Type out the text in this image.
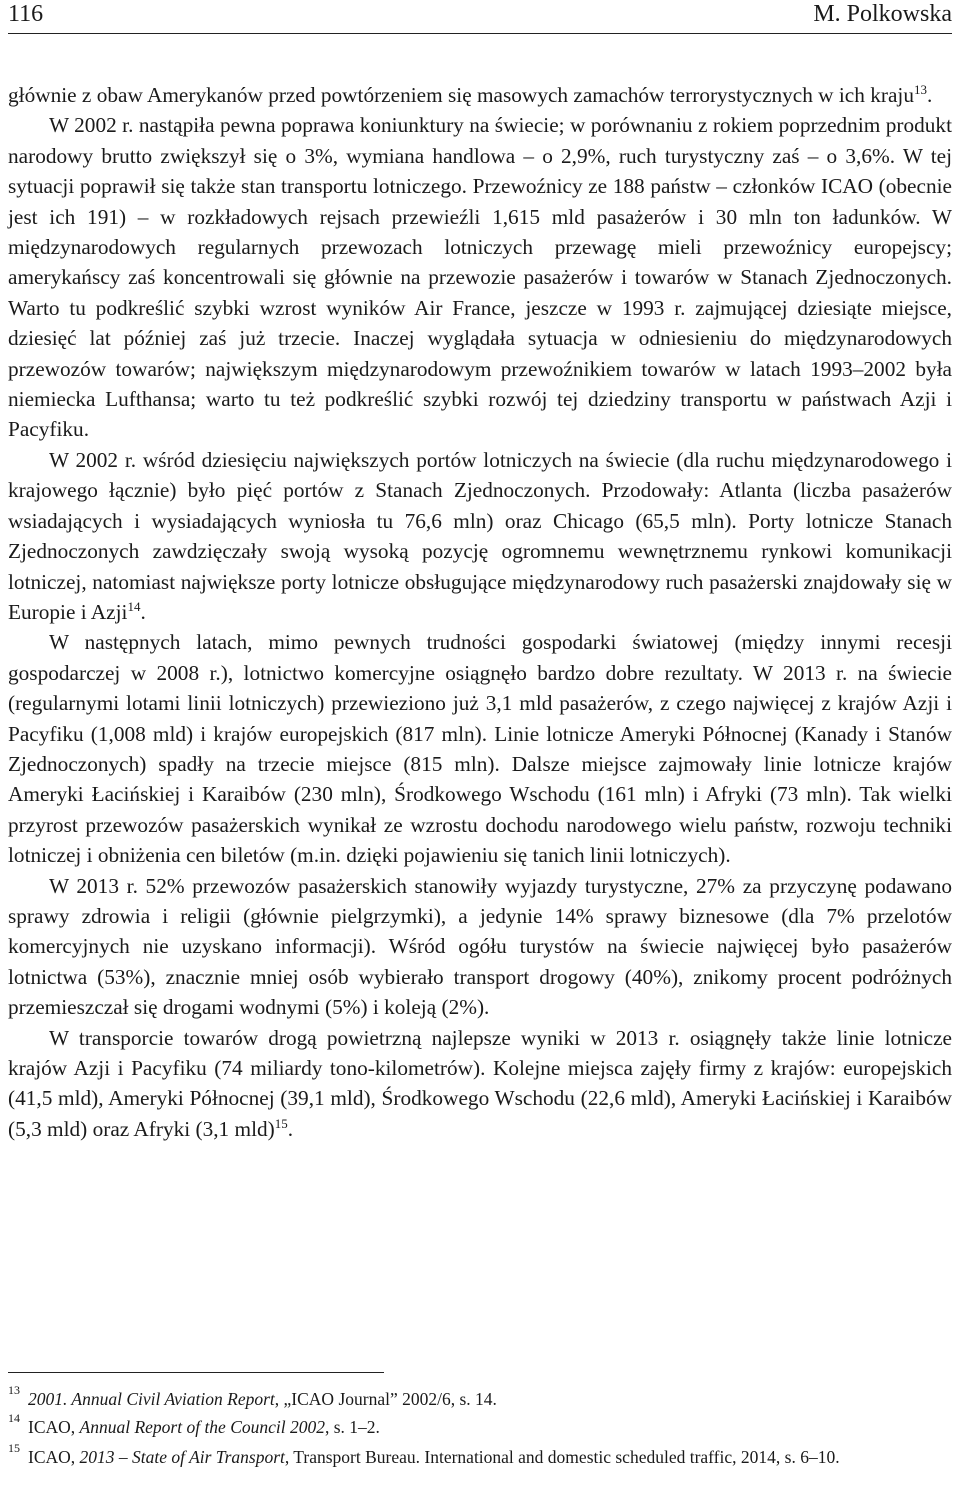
116	M. Polkowska

głównie z obaw Amerykanów przed powtórzeniem się masowych zamachów terrorystycznych w ich kraju$^{13}$.

W 2002 r. nastąpiła pewna poprawa koniunktury na świecie; w porównaniu z rokiem poprzednim produkt narodowy brutto zwiększył się o 3%, wymiana handlowa – o 2,9%, ruch turystyczny zaś – o 3,6%. W tej sytuacji poprawił się także stan transportu lotniczego. Przewoźnicy ze 188 państw – członków ICAO (obecnie jest ich 191) – w rozkładowych rejsach przewieźli 1,615 mld pasażerów i 30 mln ton ładunków. W międzynarodowych regularnych przewozach lotniczych przewagę mieli przewoźnicy europejscy; amerykańscy zaś koncentrowali się głównie na przewozie pasażerów i towarów w Stanach Zjednoczonych. Warto tu podkreślić szybki wzrost wyników Air France, jeszcze w 1993 r. zajmującej dziesiąte miejsce, dziesięć lat później zaś już trzecie. Inaczej wyglądała sytuacja w odniesieniu do międzynarodowych przewozów towarów; największym międzynarodowym przewoźnikiem towarów w latach 1993–2002 była niemiecka Lufthansa; warto tu też podkreślić szybki rozwój tej dziedziny transportu w państwach Azji i Pacyfiku.

W 2002 r. wśród dziesięciu największych portów lotniczych na świecie (dla ruchu międzynarodowego i krajowego łącznie) było pięć portów z Stanach Zjednoczonych. Przodowały: Atlanta (liczba pasażerów wsiadających i wysiadających wyniosła tu 76,6 mln) oraz Chicago (65,5 mln). Porty lotnicze Stanach Zjednoczonych zawdzięczały swoją wysoką pozycję ogromnemu wewnętrznemu rynkowi komunikacji lotniczej, natomiast największe porty lotnicze obsługujące międzynarodowy ruch pasażerski znajdowały się w Europie i Azji$^{14}$.

W następnych latach, mimo pewnych trudności gospodarki światowej (między innymi recesji gospodarczej w 2008 r.), lotnictwo komercyjne osiągnęło bardzo dobre rezultaty. W 2013 r. na świecie (regularnymi lotami linii lotniczych) przewieziono już 3,1 mld pasażerów, z czego najwięcej z krajów Azji i Pacyfiku (1,008 mld) i krajów europejskich (817 mln). Linie lotnicze Ameryki Północnej (Kanady i Stanów Zjednoczonych) spadły na trzecie miejsce (815 mln). Dalsze miejsce zajmowały linie lotnicze krajów Ameryki Łacińskiej i Karaibów (230 mln), Środkowego Wschodu (161 mln) i Afryki (73 mln). Tak wielki przyrost przewozów pasażerskich wynikał ze wzrostu dochodu narodowego wielu państw, rozwoju techniki lotniczej i obniżenia cen biletów (m.in. dzięki pojawieniu się tanich linii lotniczych).

W 2013 r. 52% przewozów pasażerskich stanowiły wyjazdy turystyczne, 27% za przyczynę podawano sprawy zdrowia i religii (głównie pielgrzymki), a jedynie 14% sprawy biznesowe (dla 7% przelotów komercyjnych nie uzyskano informacji). Wśród ogółu turystów na świecie najwięcej było pasażerów lotnictwa (53%), znacznie mniej osób wybierało transport drogowy (40%), znikomy procent podróżnych przemieszczał się drogami wodnymi (5%) i koleją (2%).

W transporcie towarów drogą powietrzną najlepsze wyniki w 2013 r. osiągnęły także linie lotnicze krajów Azji i Pacyfiku (74 miliardy tono-kilometrów). Kolejne miejsca zajęły firmy z krajów: europejskich (41,5 mld), Ameryki Północnej (39,1 mld), Środkowego Wschodu (22,6 mld), Ameryki Łacińskiej i Karaibów (5,3 mld) oraz Afryki (3,1 mld)$^{15}$.

13 2001. Annual Civil Aviation Report, „ICAO Journal” 2002/6, s. 14.
14 ICAO, Annual Report of the Council 2002, s. 1–2.
15 ICAO, 2013 – State of Air Transport, Transport Bureau. International and domestic scheduled traffic, 2014, s. 6–10.
